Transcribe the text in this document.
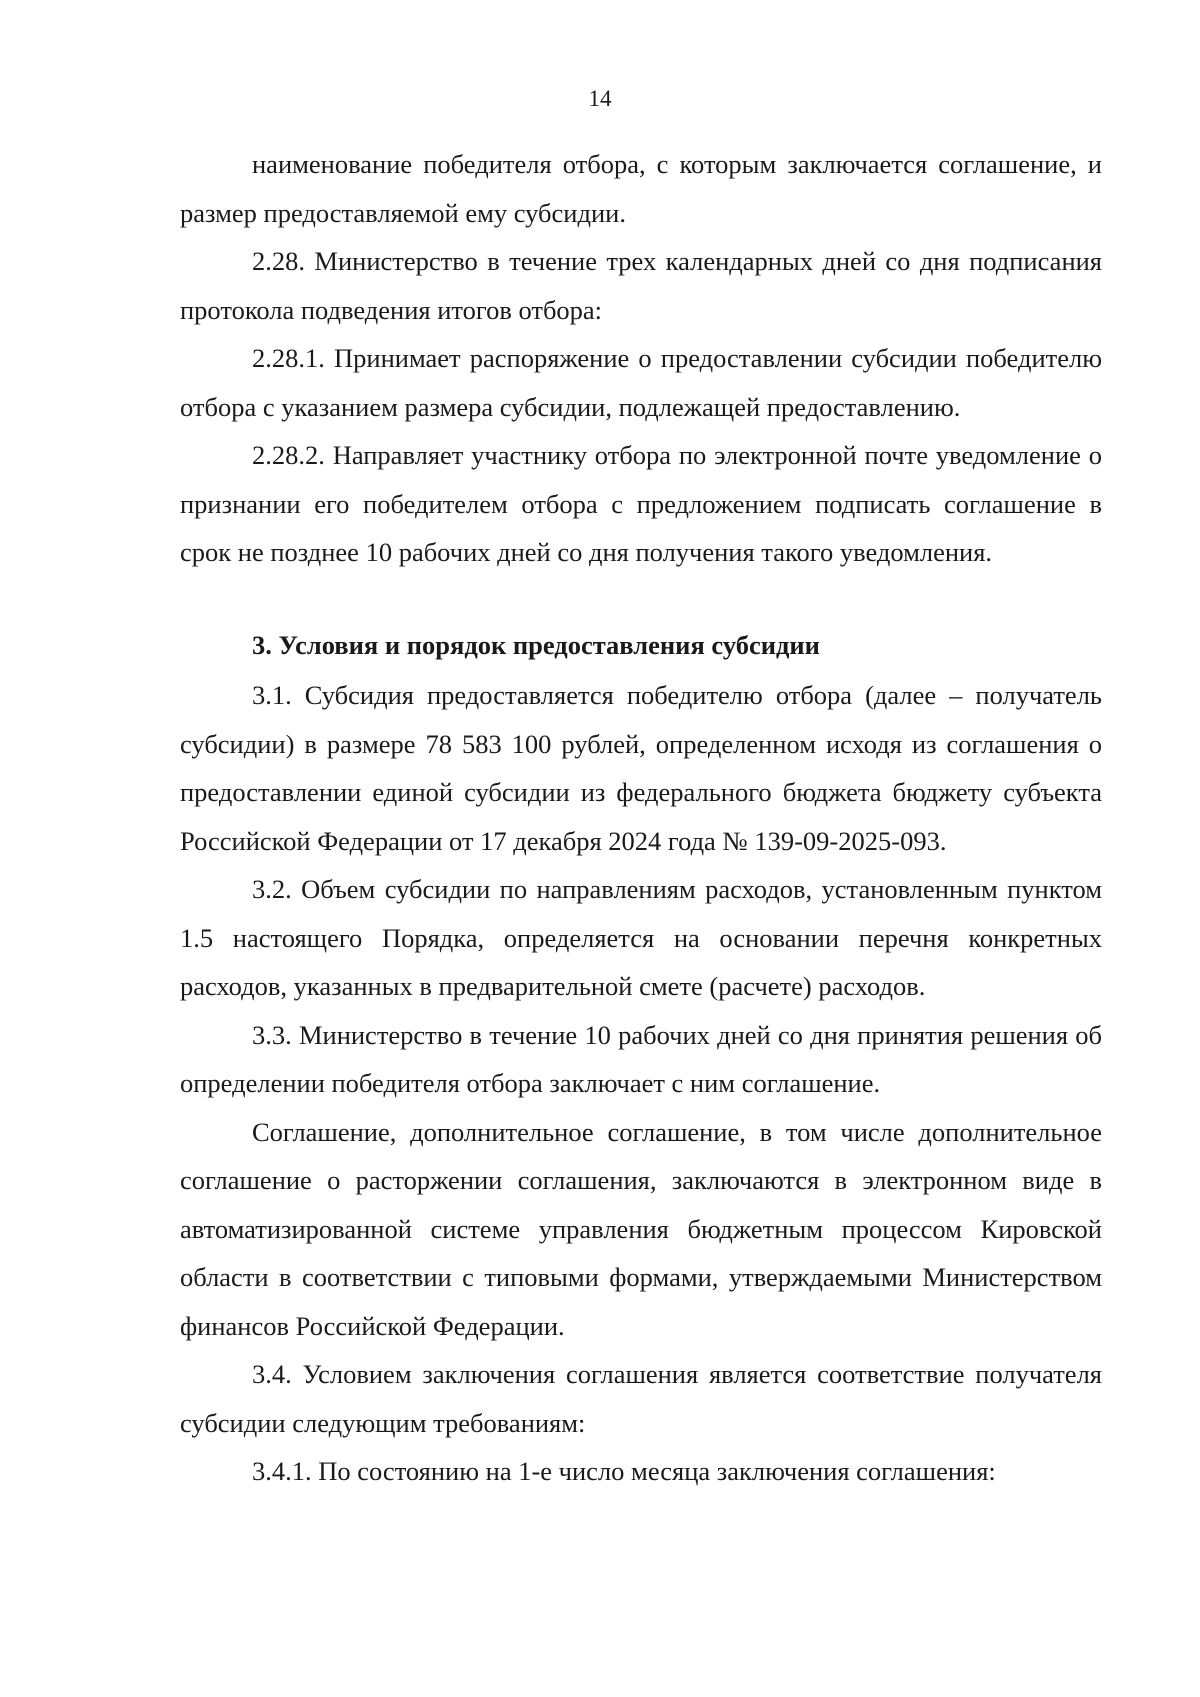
14

наименование победителя отбора, с которым заключается соглашение, и размер предоставляемой ему субсидии.

2.28. Министерство в течение трех календарных дней со дня подписания протокола подведения итогов отбора:

2.28.1. Принимает распоряжение о предоставлении субсидии победителю отбора с указанием размера субсидии, подлежащей предоставлению.

2.28.2. Направляет участнику отбора по электронной почте уведомление о признании его победителем отбора с предложением подписать соглашение в срок не позднее 10 рабочих дней со дня получения такого уведомления.

3. Условия и порядок предоставления субсидии

3.1. Субсидия предоставляется победителю отбора (далее – получатель субсидии) в размере 78 583 100 рублей, определенном исходя из соглашения о предоставлении единой субсидии из федерального бюджета бюджету субъекта Российской Федерации от 17 декабря 2024 года № 139-09-2025-093.

3.2. Объем субсидии по направлениям расходов, установленным пунктом 1.5 настоящего Порядка, определяется на основании перечня конкретных расходов, указанных в предварительной смете (расчете) расходов.

3.3. Министерство в течение 10 рабочих дней со дня принятия решения об определении победителя отбора заключает с ним соглашение.

Соглашение, дополнительное соглашение, в том числе дополнительное соглашение о расторжении соглашения, заключаются в электронном виде в автоматизированной системе управления бюджетным процессом Кировской области в соответствии с типовыми формами, утверждаемыми Министерством финансов Российской Федерации.

3.4. Условием заключения соглашения является соответствие получателя субсидии следующим требованиям:

3.4.1. По состоянию на 1-е число месяца заключения соглашения:
